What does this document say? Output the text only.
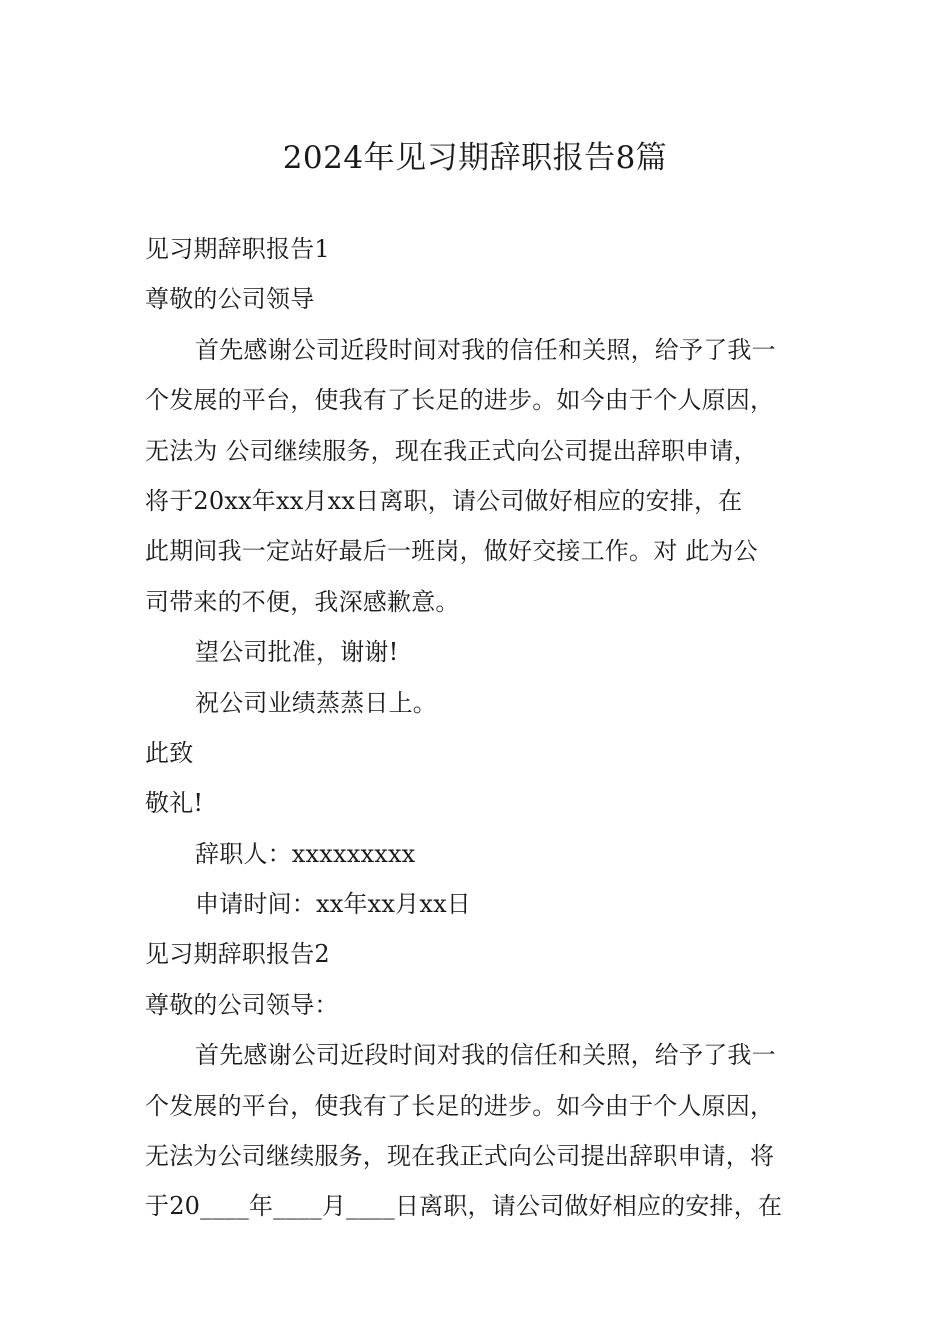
2024年见习期辞职报告8篇
见习期辞职报告1
尊敬的公司领导
首先感谢公司近段时间对我的信任和关照，给予了我一
个发展的平台，使我有了长足的进步。如今由于个人原因，
无法为 公司继续服务，现在我正式向公司提出辞职申请，
将于20xx年xx月xx日离职，请公司做好相应的安排，在
此期间我一定站好最后一班岗，做好交接工作。对 此为公
司带来的不便，我深感歉意。
望公司批准，谢谢!
祝公司业绩蒸蒸日上。
此致
敬礼!
辞职人：xxxxxxxxx
申请时间：xx年xx月xx日
见习期辞职报告2
尊敬的公司领导：
首先感谢公司近段时间对我的信任和关照，给予了我一
个发展的平台，使我有了长足的进步。如今由于个人原因，
无法为公司继续服务，现在我正式向公司提出辞职申请，将
于20____年____月____日离职，请公司做好相应的安排，在
